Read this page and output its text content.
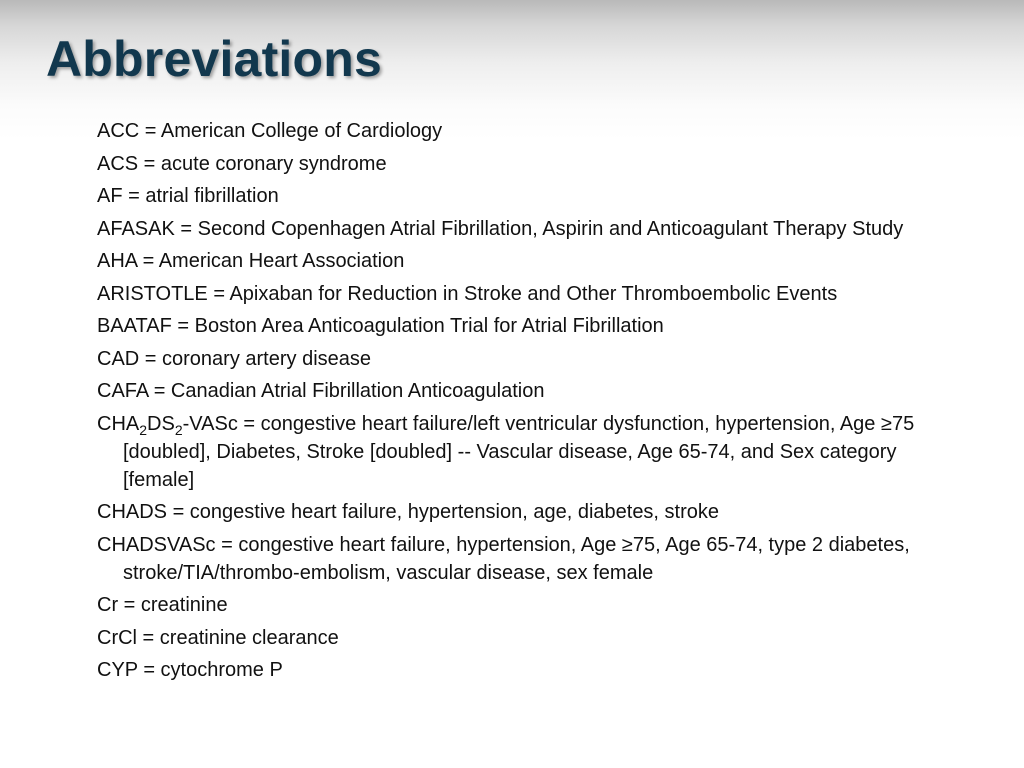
Abbreviations
ACC = American College of Cardiology
ACS = acute coronary syndrome
AF = atrial fibrillation
AFASAK = Second Copenhagen Atrial Fibrillation, Aspirin and Anticoagulant Therapy Study
AHA = American Heart Association
ARISTOTLE = Apixaban for Reduction in Stroke and Other Thromboembolic Events
BAATAF = Boston Area Anticoagulation Trial for Atrial Fibrillation
CAD = coronary artery disease
CAFA = Canadian Atrial Fibrillation Anticoagulation
$CHA_2DS_2$-VASc = congestive heart failure/left ventricular dysfunction, hypertension, Age ≥75 [doubled], Diabetes, Stroke [doubled] -- Vascular disease, Age 65-74, and Sex category [female]
CHADS = congestive heart failure, hypertension, age, diabetes, stroke
CHADSVASc = congestive heart failure, hypertension, Age ≥75, Age 65-74, type 2 diabetes, stroke/TIA/thrombo-embolism, vascular disease, sex female
Cr = creatinine
CrCl = creatinine clearance
CYP = cytochrome P
